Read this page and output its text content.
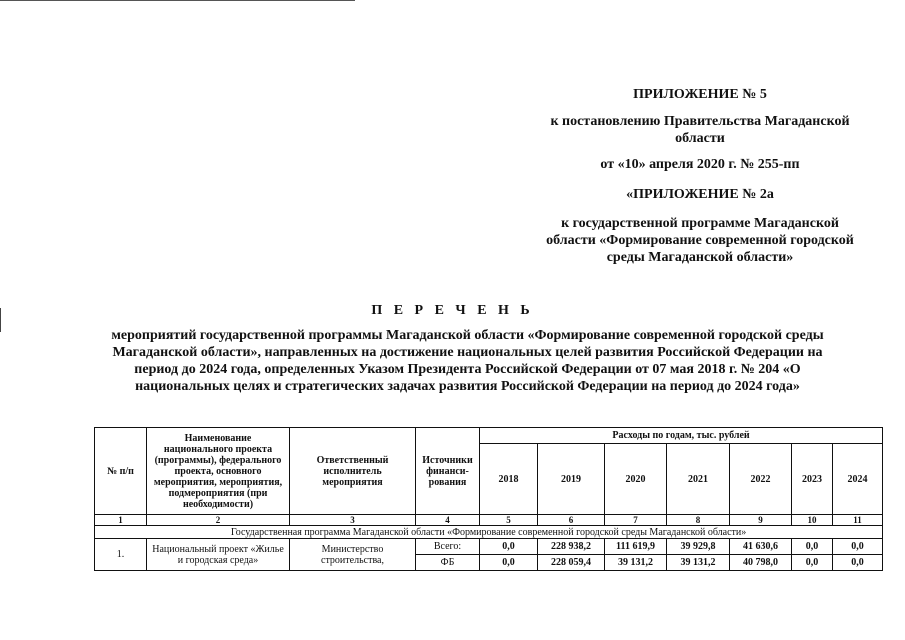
ПРИЛОЖЕНИЕ № 5
к постановлению Правительства Магаданской области
от «10» апреля 2020 г. № 255-пп
«ПРИЛОЖЕНИЕ № 2а
к государственной программе Магаданской области «Формирование современной городской среды Магаданской области»
П Е Р Е Ч Е Н Ь
мероприятий государственной программы Магаданской области «Формирование современной городской среды Магаданской области», направленных на достижение национальных целей развития Российской Федерации на период до 2024 года, определенных Указом Президента Российской Федерации от 07 мая 2018 г. № 204 «О национальных целях и стратегических задачах развития Российской Федерации на период до 2024 года»
№ п/п	Наименование национального проекта (программы), федерального проекта, основного мероприятия, мероприятия, подмероприятия (при необходимости)	Ответственный исполнитель мероприятия	Источники финанси-рования	Расходы по годам, тыс. рублей						
				2018	2019	2020	2021	2022	2023	2024
1	2	3	4	5	6	7	8	9	10	11
Государственная программа Магаданской области «Формирование современной городской среды Магаданской области»										
1.	Национальный проект «Жилье и городская среда»	Министерство строительства,	Всего:	0,0	228 938,2	111 619,9	39 929,8	41 630,6	0,0	0,0
			ФБ	0,0	228 059,4	39 131,2	39 131,2	40 798,0	0,0	0,0
